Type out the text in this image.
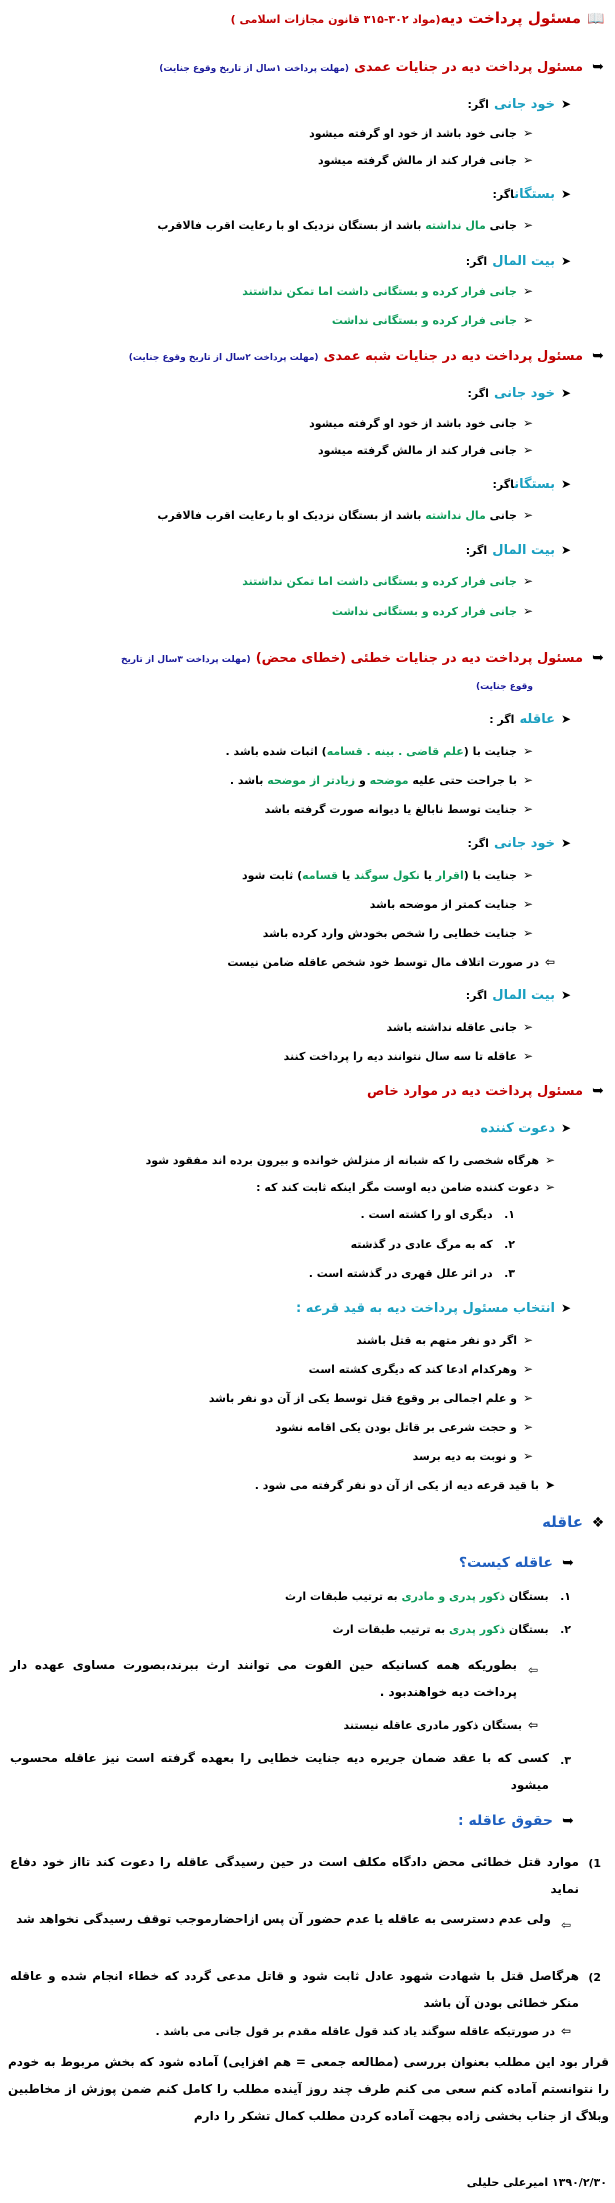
📖مسئول پرداخت دیه(مواد ۳۰۲-۳۱۵ قانون مجازات اسلامی )
➥مسئول پرداخت دیه در جنایات عمدی (مهلت پرداخت ۱سال از تاریخ وقوع جنایت)
➤خود جانی اگر:
➢جانی خود باشد از خود او گرفته میشود
➢جانی فرار کند از مالش گرفته میشود
➤بستگاناگر:
➢جانی مال نداشته باشد از بستگان نزدیک او با رعایت اقرب فالاقرب
➤بیت المال اگر:
➢جانی فرار کرده و بستگانی داشت اما تمکن نداشتند
➢جانی فرار کرده و بستگانی نداشت
➥مسئول پرداخت دیه در جنایات شبه عمدی (مهلت پرداخت ۲سال از تاریخ وقوع جنایت)
➤خود جانی اگر:
➢جانی خود باشد از خود او گرفته میشود
➢جانی فرار کند از مالش گرفته میشود
➤بستگاناگر:
➢جانی مال نداشته باشد از بستگان نزدیک او با رعایت اقرب فالاقرب
➤بیت المال اگر:
➢جانی فرار کرده و بستگانی داشت اما تمکن نداشتند
➢جانی فرار کرده و بستگانی نداشت
➥مسئول پرداخت دیه در جنایات خطئی (خطای محض) (مهلت پرداخت ۳سال از تاریخ
وقوع جنایت)
➤عاقله اگر :
➢جنایت با (علم قاضی . بینه . قسامه) اثبات شده باشد .
➢با جراحت حتی علیه موضحه و زیادتر از موضحه باشد .
➢جنایت توسط نابالغ یا دیوانه صورت گرفته باشد
➤خود جانی اگر:
➢جنایت با (اقرار یا نکول سوگند یا قسامه) ثابت شود
➢جنایت کمتر از موضحه باشد
➢جنایت خطایی را شخص بخودش وارد کرده باشد
⇦در صورت اتلاف مال توسط خود شخص عاقله ضامن نیست
➤بیت المال اگر:
➢جانی عاقله نداشته باشد
➢عاقله تا سه سال نتوانند دیه را پرداخت کنند
➥مسئول پرداخت دیه در موارد خاص
➤دعوت کننده
➢هرگاه شخصی را که شبانه از منزلش خوانده و بیرون برده اند مفقود شود
➢دعوت کننده ضامن دیه اوست مگر اینکه ثابت کند که :
۱.   دیگری او را کشته است .
۲.   که به مرگ عادی در گذشته
۳.   در اثر علل قهری در گذشته است .
➤انتخاب مسئول پرداخت دیه به قید قرعه :
➢اگر دو نفر متهم به قتل باشند
➢وهرکدام ادعا کند که دیگری کشته است
➢و علم اجمالی بر وقوع قتل توسط یکی از آن دو نفر باشد
➢و حجت شرعی بر قاتل بودن یکی اقامه نشود
➢و نوبت به دیه برسد
➤با قید قرعه دیه از یکی از آن دو نفر گرفته می شود .
❖عاقله
➥عاقله کیست؟
۱.   بستگان ذکور پدری و مادری به ترتیب طبقات ارث
۲.   بستگان ذکور پدری به ترتیب طبقات ارث
⇦
بطوریکه همه کسانیکه حین الفوت می توانند ارث ببرند،بصورت مساوی عهده دار پرداخت دیه خواهندبود .
⇦بستگان ذکور مادری عاقله نیستند
۳.
کسی که با عقد ضمان جریره دیه جنایت خطایی را بعهده گرفته است نیز عاقله محسوب میشود
➥حقوق عاقله :
1)
موارد قتل خطائی محض دادگاه مکلف است در حین رسیدگی عاقله را دعوت کند تااز خود دفاع نماید
⇦
ولی عدم دسترسی به عاقله یا عدم حضور آن پس ازاحضارموجب توقف رسیدگی نخواهد شد
2)
هرگاصل قتل با شهادت شهود عادل ثابت شود و قاتل مدعی گردد که خطاء انجام شده و عاقله منکر خطائی بودن آن باشد
⇦در صورتیکه عاقله سوگند یاد کند قول عاقله مقدم بر قول جانی می باشد .
قرار بود این مطلب بعنوان بررسی (مطالعه جمعی = هم افزایی) آماده شود که بخش مربوط به خودم را نتوانستم آماده کنم سعی می کنم طرف چند روز آینده مطلب را کامل کنم ضمن پوزش از مخاطبین وبلاگ از جناب بخشی زاده بجهت آماده کردن مطلب کمال تشکر را دارم
۱۳۹۰/۲/۳۰ امیرعلی حلیلی
